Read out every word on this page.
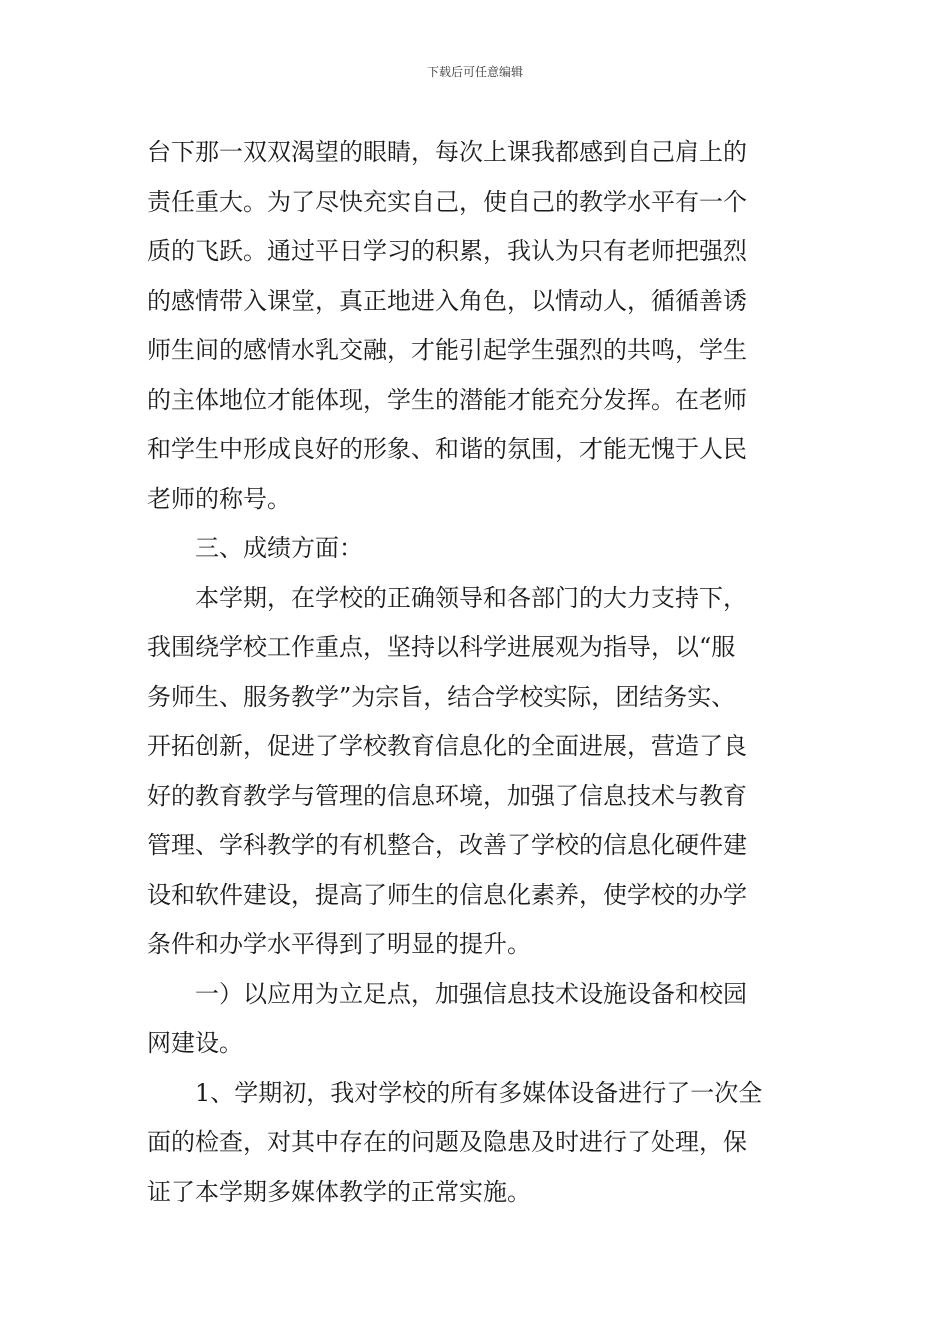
下载后可任意编辑
台下那一双双渴望的眼睛，每次上课我都感到自己肩上的
责任重大。为了尽快充实自己，使自己的教学水平有一个
质的飞跃。通过平日学习的积累，我认为只有老师把强烈
的感情带入课堂，真正地进入角色，以情动人，循循善诱
师生间的感情水乳交融，才能引起学生强烈的共鸣，学生
的主体地位才能体现，学生的潜能才能充分发挥。在老师
和学生中形成良好的形象、和谐的氛围，才能无愧于人民
老师的称号。
三、成绩方面：
本学期，在学校的正确领导和各部门的大力支持下，
我围绕学校工作重点，坚持以科学进展观为指导，以“服
务师生、服务教学”为宗旨，结合学校实际，团结务实、
开拓创新，促进了学校教育信息化的全面进展，营造了良
好的教育教学与管理的信息环境，加强了信息技术与教育
管理、学科教学的有机整合，改善了学校的信息化硬件建
设和软件建设，提高了师生的信息化素养，使学校的办学
条件和办学水平得到了明显的提升。
一）以应用为立足点，加强信息技术设施设备和校园
网建设。
1、学期初，我对学校的所有多媒体设备进行了一次全
面的检查，对其中存在的问题及隐患及时进行了处理，保
证了本学期多媒体教学的正常实施。
